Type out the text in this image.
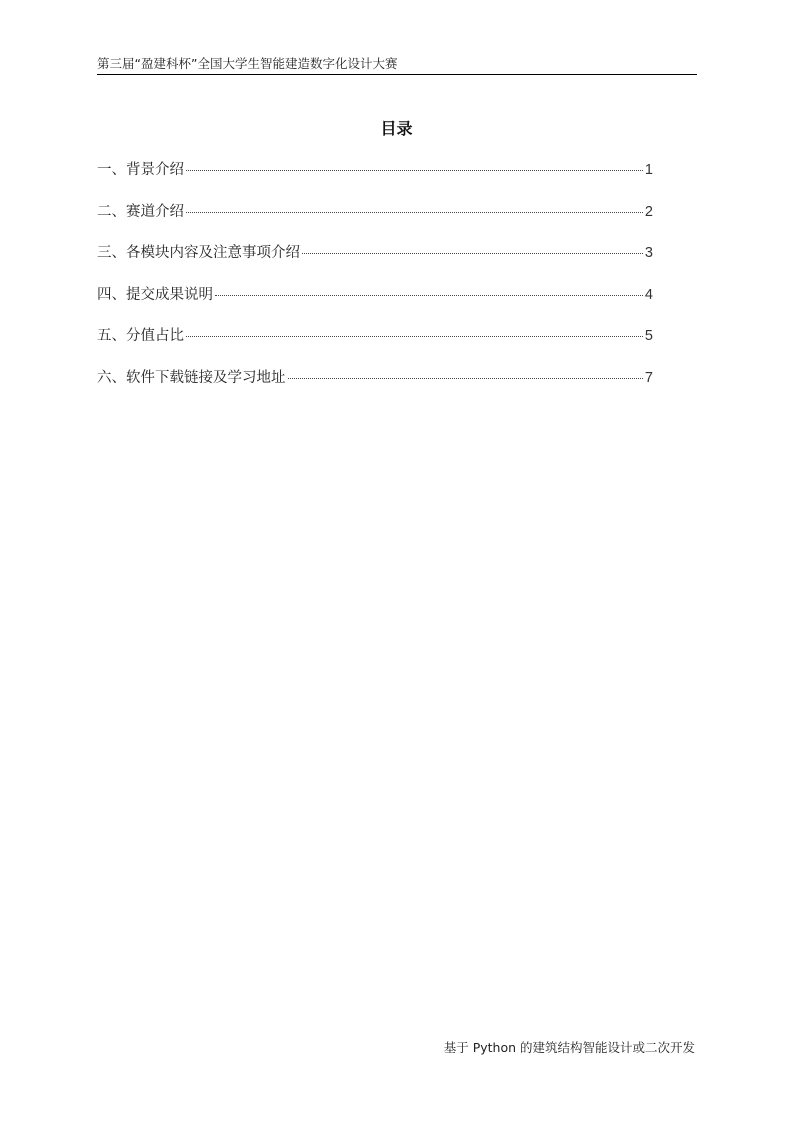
第三届“盈建科杯”全国大学生智能建造数字化设计大赛
目录
一、背景介绍	1
二、赛道介绍	2
三、各模块内容及注意事项介绍	3
四、提交成果说明	4
五、分值占比	5
六、软件下载链接及学习地址	7
基于 Python 的建筑结构智能设计或二次开发
